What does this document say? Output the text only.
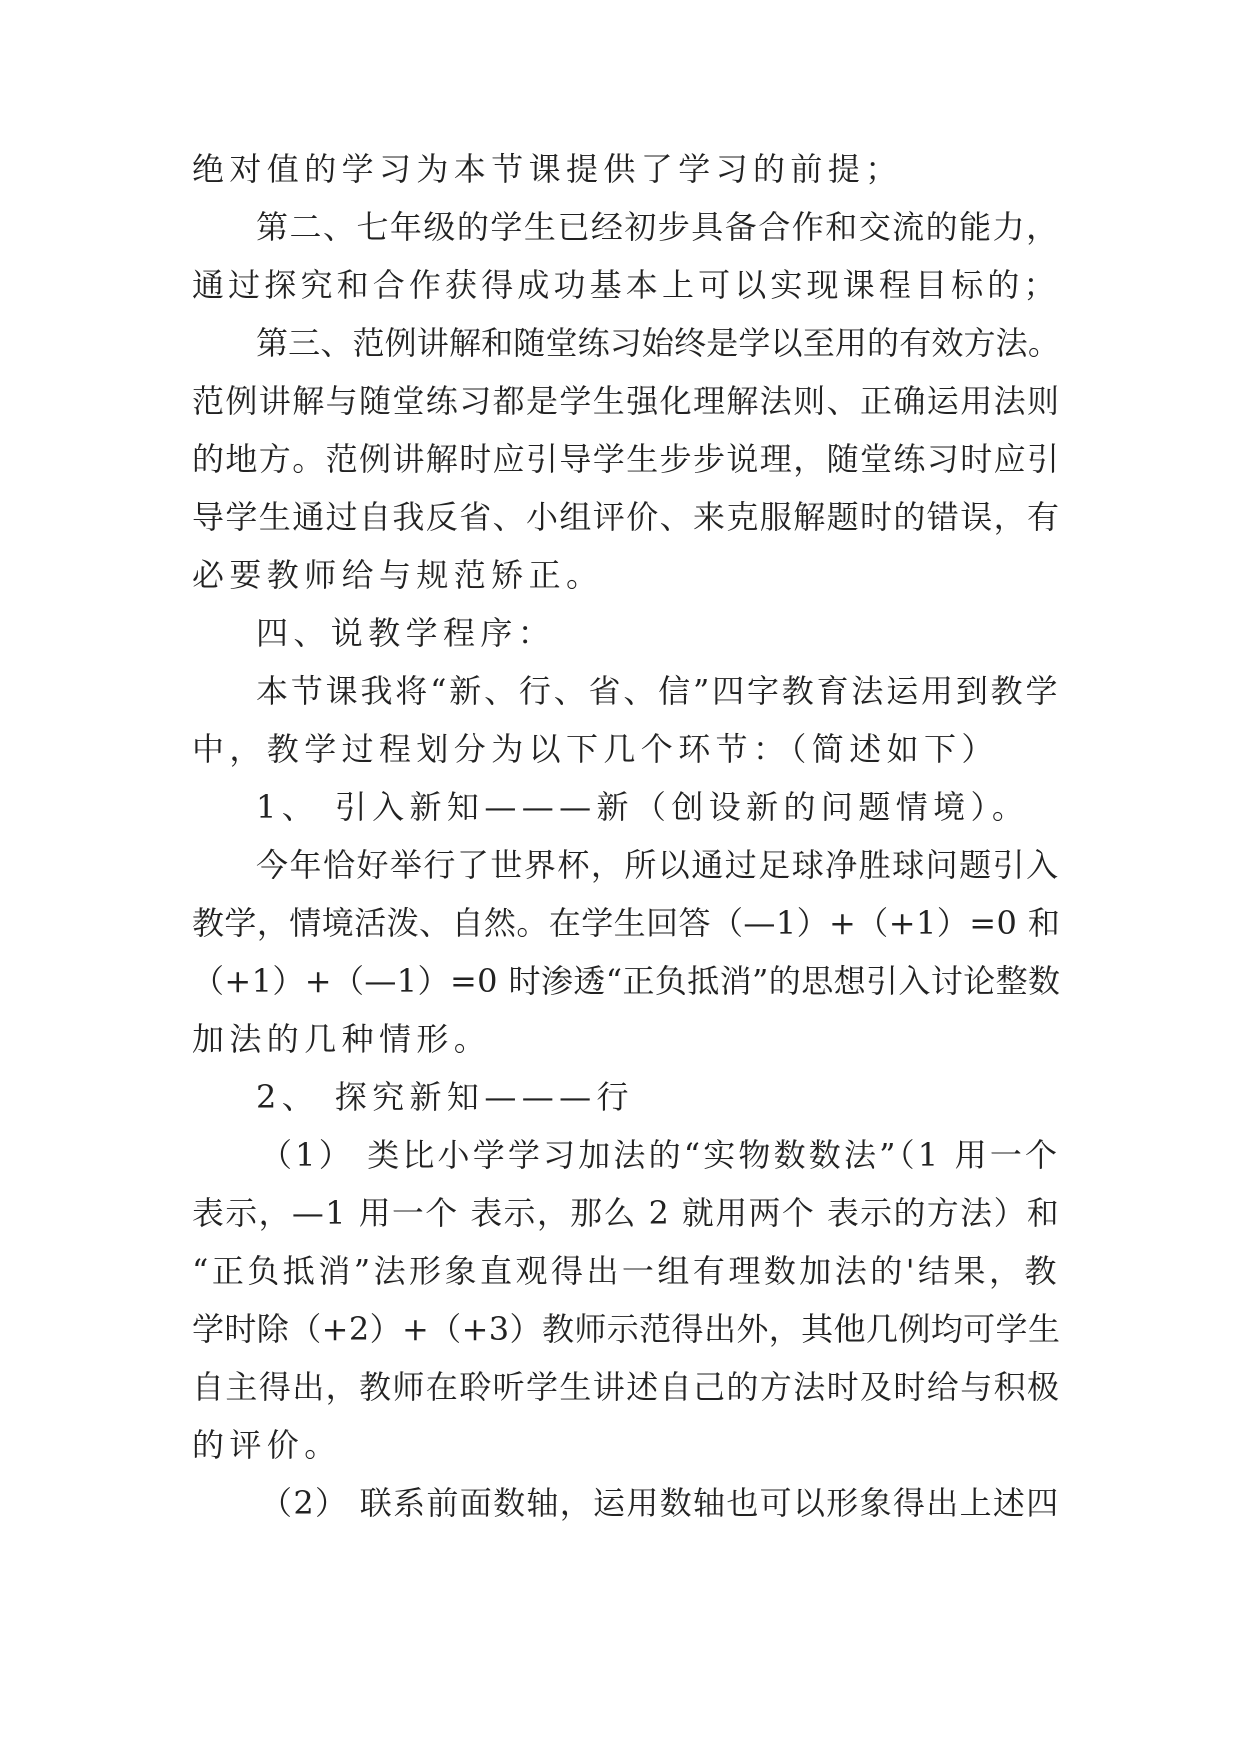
绝对值的学习为本节课提供了学习的前提；
第二、七年级的学生已经初步具备合作和交流的能力，
通过探究和合作获得成功基本上可以实现课程目标的；
第三、范例讲解和随堂练习始终是学以至用的有效方法。
范例讲解与随堂练习都是学生强化理解法则、正确运用法则
的地方。范例讲解时应引导学生步步说理，随堂练习时应引
导学生通过自我反省、小组评价、来克服解题时的错误，有
必要教师给与规范矫正。
四、说教学程序：
本节课我将“新、行、省、信”四字教育法运用到教学
中，教学过程划分为以下几个环节：（简述如下）
1、 引入新知———新（创设新的问题情境）。
今年恰好举行了世界杯，所以通过足球净胜球问题引入
教学，情境活泼、自然。在学生回答（—1）+（+1）=0 和
（+1）+（—1）=0 时渗透“正负抵消”的思想引入讨论整数
加法的几种情形。
2、 探究新知———行
（1） 类比小学学习加法的“实物数数法”（1 用一个
表示，—1 用一个 表示，那么 2 就用两个 表示的方法）和
“正负抵消”法形象直观得出一组有理数加法的'结果，教
学时除（+2）+（+3）教师示范得出外，其他几例均可学生
自主得出，教师在聆听学生讲述自己的方法时及时给与积极
的评价。
（2） 联系前面数轴，运用数轴也可以形象得出上述四
